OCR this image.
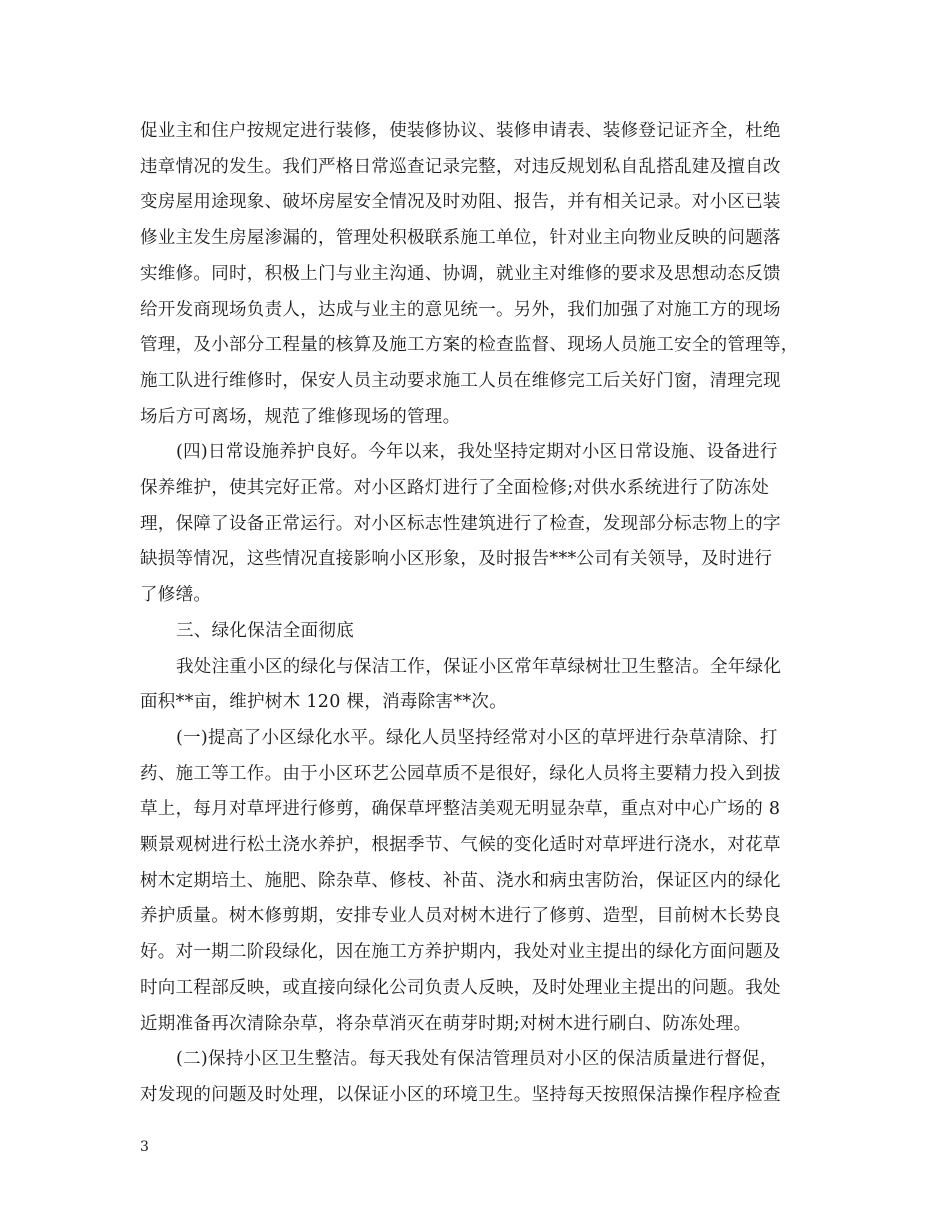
促业主和住户按规定进行装修，使装修协议、装修申请表、装修登记证齐全，杜绝
违章情况的发生。我们严格日常巡查记录完整，对违反规划私自乱搭乱建及擅自改
变房屋用途现象、破坏房屋安全情况及时劝阻、报告，并有相关记录。对小区已装
修业主发生房屋渗漏的，管理处积极联系施工单位，针对业主向物业反映的问题落
实维修。同时，积极上门与业主沟通、协调，就业主对维修的要求及思想动态反馈
给开发商现场负责人，达成与业主的意见统一。另外，我们加强了对施工方的现场
管理，及小部分工程量的核算及施工方案的检查监督、现场人员施工安全的管理等，
施工队进行维修时，保安人员主动要求施工人员在维修完工后关好门窗，清理完现
场后方可离场，规范了维修现场的管理。

(四)日常设施养护良好。今年以来，我处坚持定期对小区日常设施、设备进行
保养维护，使其完好正常。对小区路灯进行了全面检修;对供水系统进行了防冻处
理，保障了设备正常运行。对小区标志性建筑进行了检查，发现部分标志物上的字
缺损等情况，这些情况直接影响小区形象，及时报告***公司有关领导，及时进行
了修缮。

三、绿化保洁全面彻底

我处注重小区的绿化与保洁工作，保证小区常年草绿树壮卫生整洁。全年绿化
面积**亩，维护树木 120 棵，消毒除害**次。

(一)提高了小区绿化水平。绿化人员坚持经常对小区的草坪进行杂草清除、打
药、施工等工作。由于小区环艺公园草质不是很好，绿化人员将主要精力投入到拔
草上，每月对草坪进行修剪，确保草坪整洁美观无明显杂草，重点对中心广场的 8
颗景观树进行松土浇水养护，根据季节、气候的变化适时对草坪进行浇水，对花草
树木定期培土、施肥、除杂草、修枝、补苗、浇水和病虫害防治，保证区内的绿化
养护质量。树木修剪期，安排专业人员对树木进行了修剪、造型，目前树木长势良
好。对一期二阶段绿化，因在施工方养护期内，我处对业主提出的绿化方面问题及
时向工程部反映，或直接向绿化公司负责人反映，及时处理业主提出的问题。我处
近期准备再次清除杂草，将杂草消灭在萌芽时期;对树木进行刷白、防冻处理。

(二)保持小区卫生整洁。每天我处有保洁管理员对小区的保洁质量进行督促，
对发现的问题及时处理，以保证小区的环境卫生。坚持每天按照保洁操作程序检查

3
